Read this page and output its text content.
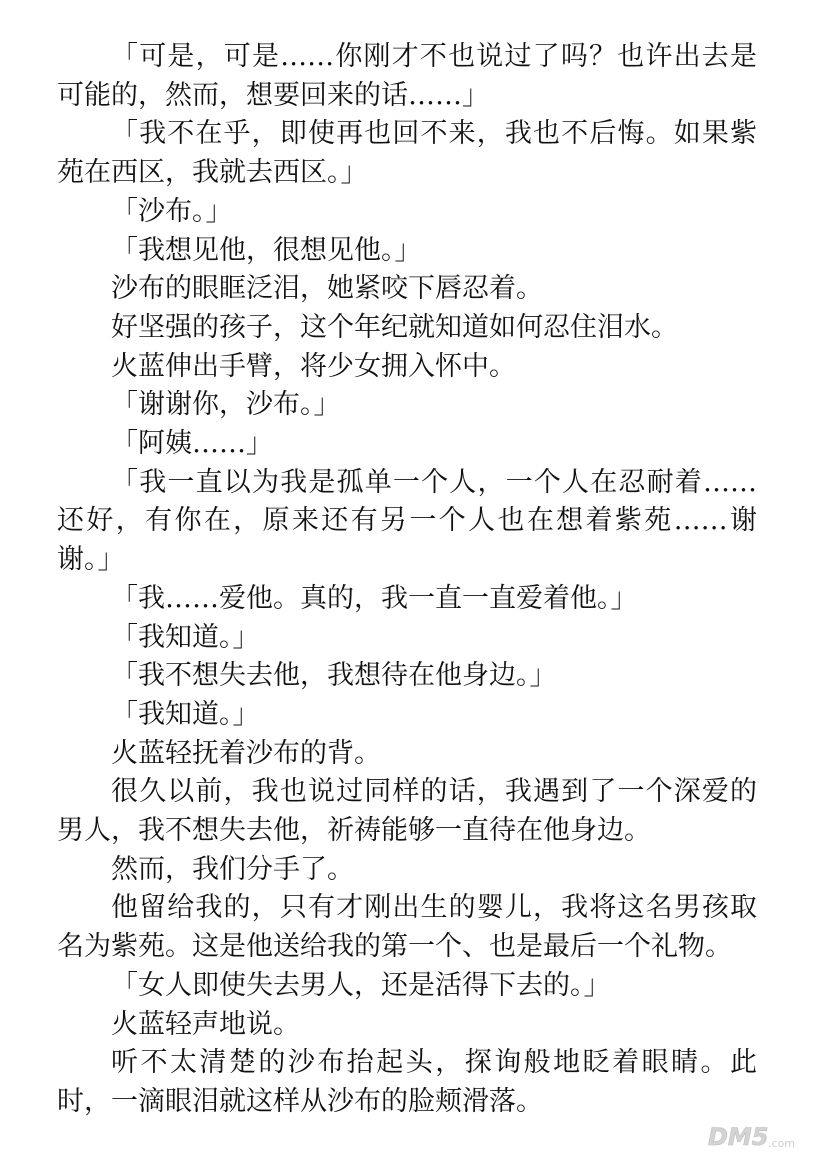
「可是，可是……你刚才不也说过了吗？也许出去是可能的，然而，想要回来的话……」

「我不在乎，即使再也回不来，我也不后悔。如果紫苑在西区，我就去西区。」

「沙布。」

「我想见他，很想见他。」

沙布的眼眶泛泪，她紧咬下唇忍着。

好坚强的孩子，这个年纪就知道如何忍住泪水。

火蓝伸出手臂，将少女拥入怀中。

「谢谢你，沙布。」

「阿姨……」

「我一直以为我是孤单一个人，一个人在忍耐着……还好，有你在，原来还有另一个人也在想着紫苑……谢谢。」

「我……爱他。真的，我一直一直爱着他。」

「我知道。」

「我不想失去他，我想待在他身边。」

「我知道。」

火蓝轻抚着沙布的背。

很久以前，我也说过同样的话，我遇到了一个深爱的男人，我不想失去他，祈祷能够一直待在他身边。

然而，我们分手了。

他留给我的，只有才刚出生的婴儿，我将这名男孩取名为紫苑。这是他送给我的第一个、也是最后一个礼物。

「女人即使失去男人，还是活得下去的。」

火蓝轻声地说。

听不太清楚的沙布抬起头，探询般地眨着眼睛。此时，一滴眼泪就这样从沙布的脸颊滑落。

DM5 .com
